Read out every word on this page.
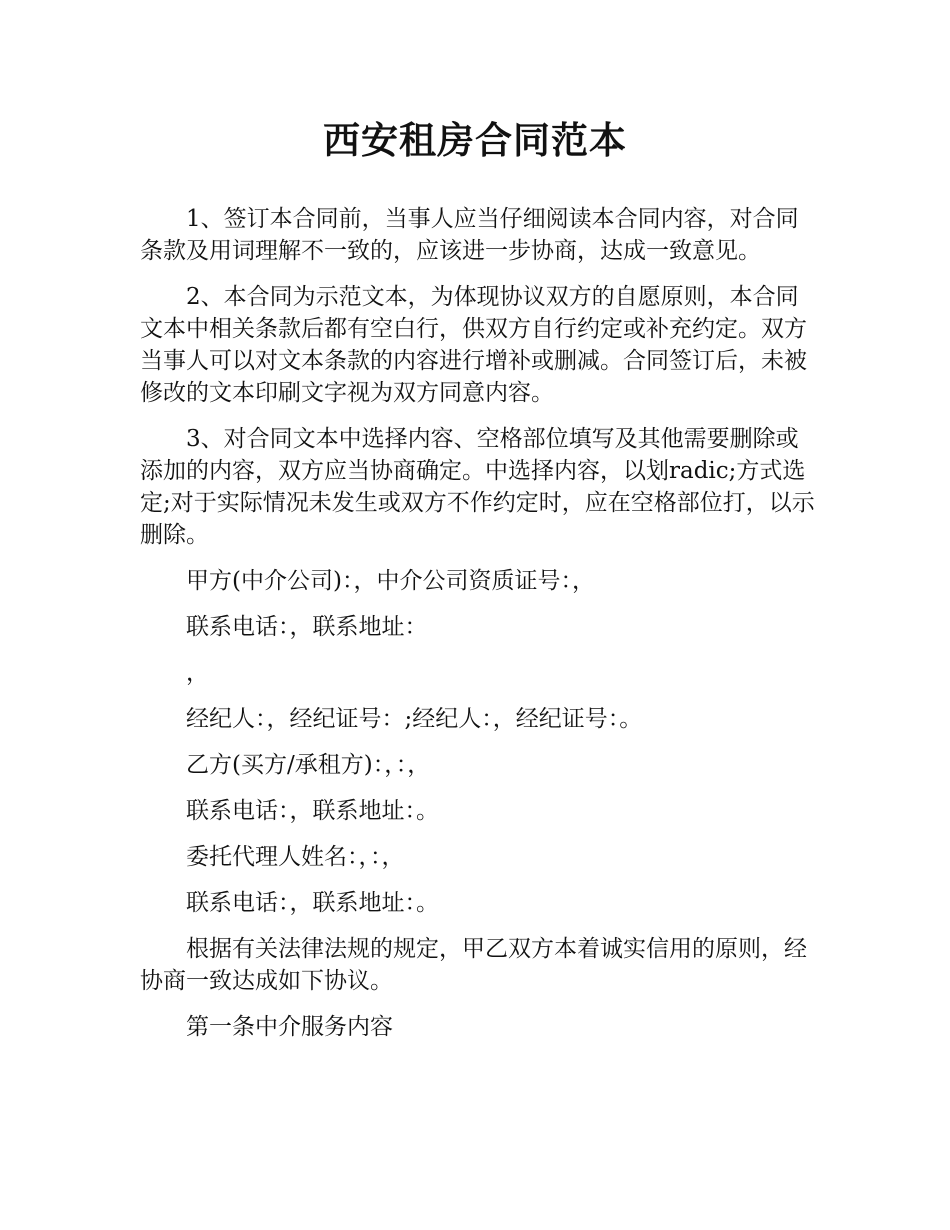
西安租房合同范本

1、签订本合同前，当事人应当仔细阅读本合同内容，对合同条款及用词理解不一致的，应该进一步协商，达成一致意见。

2、本合同为示范文本，为体现协议双方的自愿原则，本合同文本中相关条款后都有空白行，供双方自行约定或补充约定。双方当事人可以对文本条款的内容进行增补或删减。合同签订后，未被修改的文本印刷文字视为双方同意内容。

3、对合同文本中选择内容、空格部位填写及其他需要删除或添加的内容，双方应当协商确定。中选择内容，以划radic;方式选定;对于实际情况未发生或双方不作约定时，应在空格部位打，以示删除。

甲方(中介公司)：，中介公司资质证号：，

联系电话：，联系地址：

，

经纪人：，经纪证号：;经纪人：，经纪证号：。

乙方(买方/承租方)：，：，

联系电话：，联系地址：。

委托代理人姓名：，：，

联系电话：，联系地址：。

根据有关法律法规的规定，甲乙双方本着诚实信用的原则，经协商一致达成如下协议。

第一条中介服务内容
